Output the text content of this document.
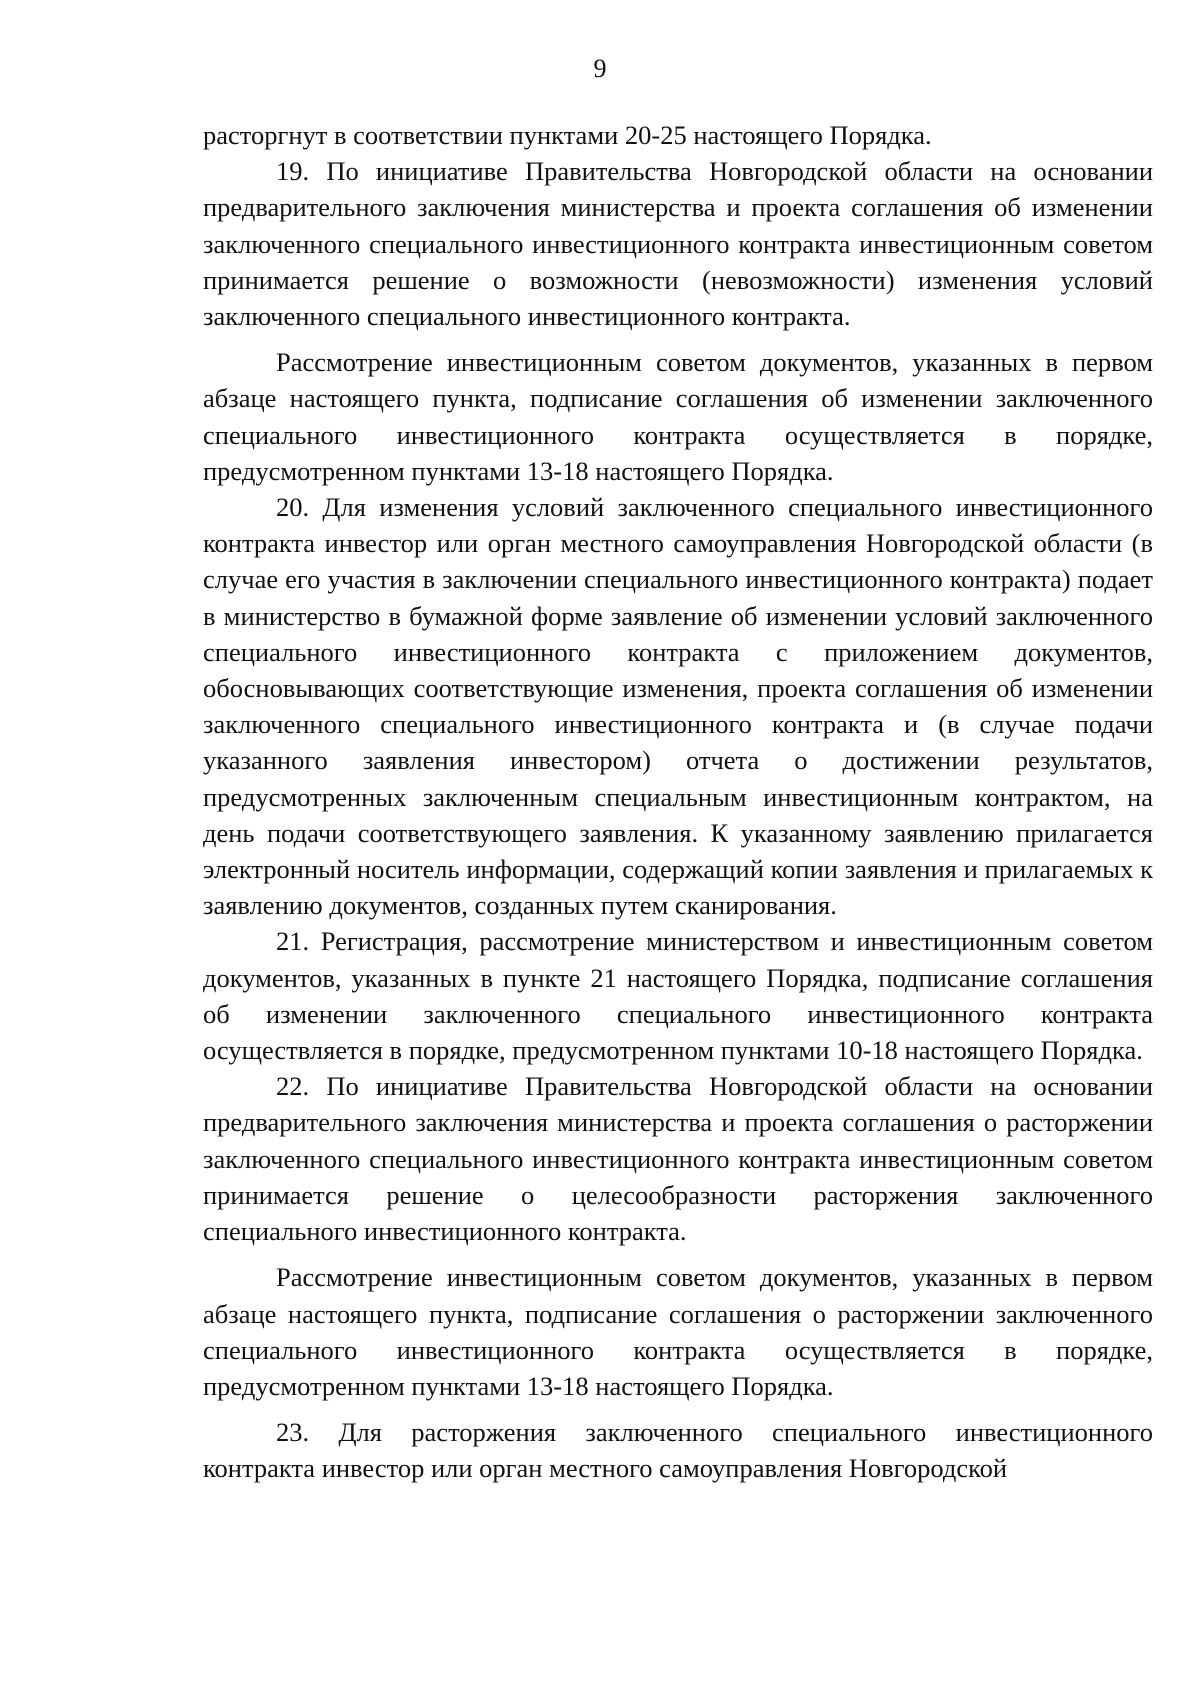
9

расторгнут в соответствии пунктами 20-25 настоящего Порядка.

19. По инициативе Правительства Новгородской области на основании предварительного заключения министерства и проекта соглашения об изменении заключенного специального инвестиционного контракта инвестиционным советом принимается решение о возможности (невозможности) изменения условий заключенного специального инвестиционного контракта.

Рассмотрение инвестиционным советом документов, указанных в первом абзаце настоящего пункта, подписание соглашения об изменении заключенного специального инвестиционного контракта осуществляется в порядке, предусмотренном пунктами 13-18 настоящего Порядка.

20. Для изменения условий заключенного специального инвестиционного контракта инвестор или орган местного самоуправления Новгородской области (в случае его участия в заключении специального инвестиционного контракта) подает в министерство в бумажной форме заявление об изменении условий заключенного специального инвестиционного контракта с приложением документов, обосновывающих соответствующие изменения, проекта соглашения об изменении заключенного специального инвестиционного контракта и (в случае подачи указанного заявления инвестором) отчета о достижении результатов, предусмотренных заключенным специальным инвестиционным контрактом, на день подачи соответствующего заявления. К указанному заявлению прилагается электронный носитель информации, содержащий копии заявления и прилагаемых к заявлению документов, созданных путем сканирования.

21. Регистрация, рассмотрение министерством и инвестиционным советом документов, указанных в пункте 21 настоящего Порядка, подписание соглашения об изменении заключенного специального инвестиционного контракта осуществляется в порядке, предусмотренном пунктами 10-18 настоящего Порядка.

22. По инициативе Правительства Новгородской области на основании предварительного заключения министерства и проекта соглашения о расторжении заключенного специального инвестиционного контракта инвестиционным советом принимается решение о целесообразности расторжения заключенного специального инвестиционного контракта.

Рассмотрение инвестиционным советом документов, указанных в первом абзаце настоящего пункта, подписание соглашения о расторжении заключенного специального инвестиционного контракта осуществляется в порядке, предусмотренном пунктами 13-18 настоящего Порядка.

23. Для расторжения заключенного специального инвестиционного контракта инвестор или орган местного самоуправления Новгородской
